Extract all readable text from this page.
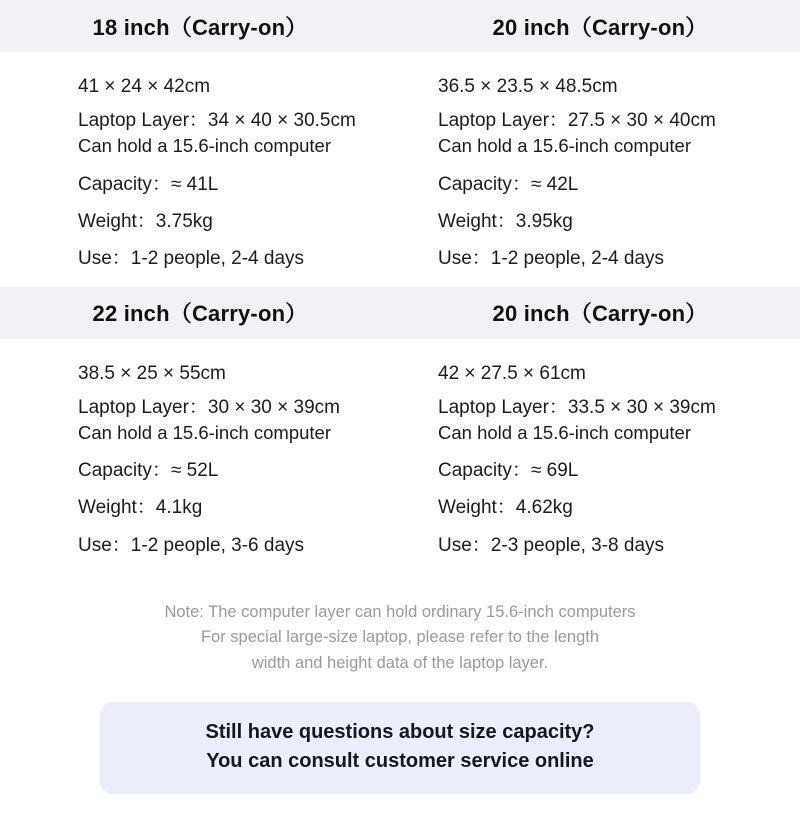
18 inch（Carry-on）	20 inch（Carry-on）
41 × 24 × 42cm
Laptop Layer：34 × 40 × 30.5cm
Can hold a 15.6-inch computer
Capacity：≈ 41L
Weight：3.75kg
Use：1-2 people, 2-4 days
36.5 × 23.5 × 48.5cm
Laptop Layer：27.5 × 30 × 40cm
Can hold a 15.6-inch computer
Capacity：≈ 42L
Weight：3.95kg
Use：1-2 people, 2-4 days
22 inch（Carry-on）	20 inch（Carry-on）
38.5 × 25 × 55cm
Laptop Layer：30 × 30 × 39cm
Can hold a 15.6-inch computer
Capacity：≈ 52L
Weight：4.1kg
Use：1-2 people, 3-6 days
42 × 27.5 × 61cm
Laptop Layer：33.5 × 30 × 39cm
Can hold a 15.6-inch computer
Capacity：≈ 69L
Weight：4.62kg
Use：2-3 people, 3-8 days
Note: The computer layer can hold ordinary 15.6-inch computers
For special large-size laptop, please refer to the length
width and height data of the laptop layer.
Still have questions about size capacity?
You can consult customer service online
